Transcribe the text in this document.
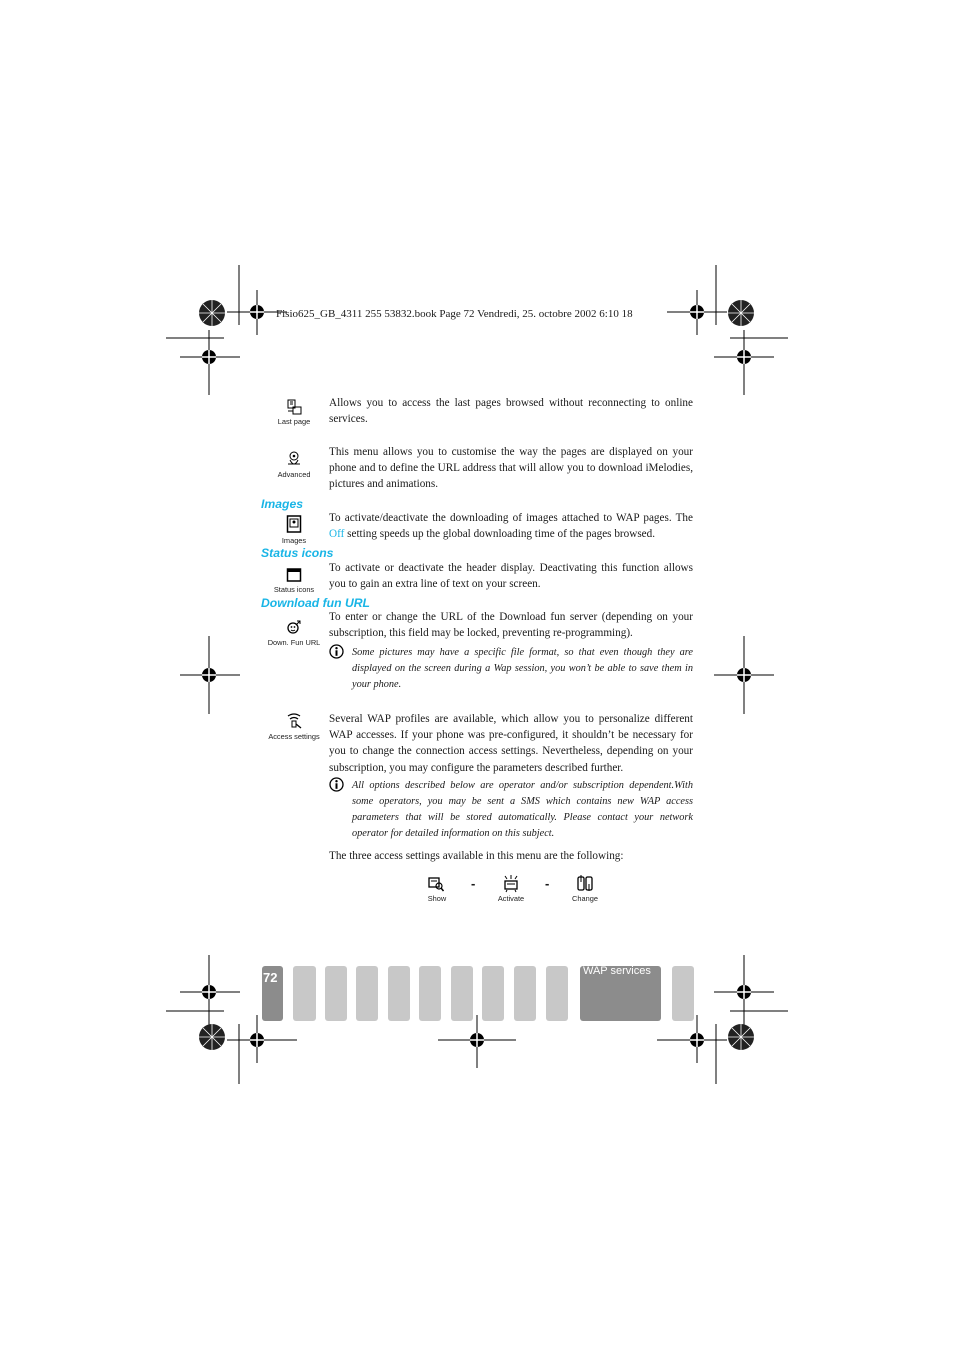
Fisio625_GB_4311 255 53832.book Page 72 Vendredi, 25. octobre 2002 6:10 18
Last page
Allows you to access the last pages browsed without reconnecting to online services.
Advanced
This menu allows you to customise the way the pages are displayed on your phone and to define the URL address that will allow you to download iMelodies, pictures and animations.
Images
Images
To activate/deactivate the downloading of images attached to WAP pages. The Off setting speeds up the global downloading time of the pages browsed.
Status icons
Status icons
To activate or deactivate the header display. Deactivating this function allows you to gain an extra line of text on your screen.
Download fun URL
Down. Fun URL
To enter or change the URL of the Download fun server (depending on your subscription, this field may be locked, preventing re-programming).
Some pictures may have a specific file format, so that even though they are displayed on the screen during a Wap session, you won’t be able to save them in your phone.
Access settings
Several WAP profiles are available, which allow you to personalize different WAP accesses. If your phone was pre-configured, it shouldn’t be necessary for you to change the connection access settings. Nevertheless, depending on your subscription, you may configure the parameters described further.
All options described below are operator and/or subscription dependent.With some operators, you may be sent a SMS which contains new WAP access parameters that will be stored automatically. Please contact your network operator for detailed information on this subject.
The three access settings available in this menu are the following:
Show
-
Activate
-
Change
72	WAP services
